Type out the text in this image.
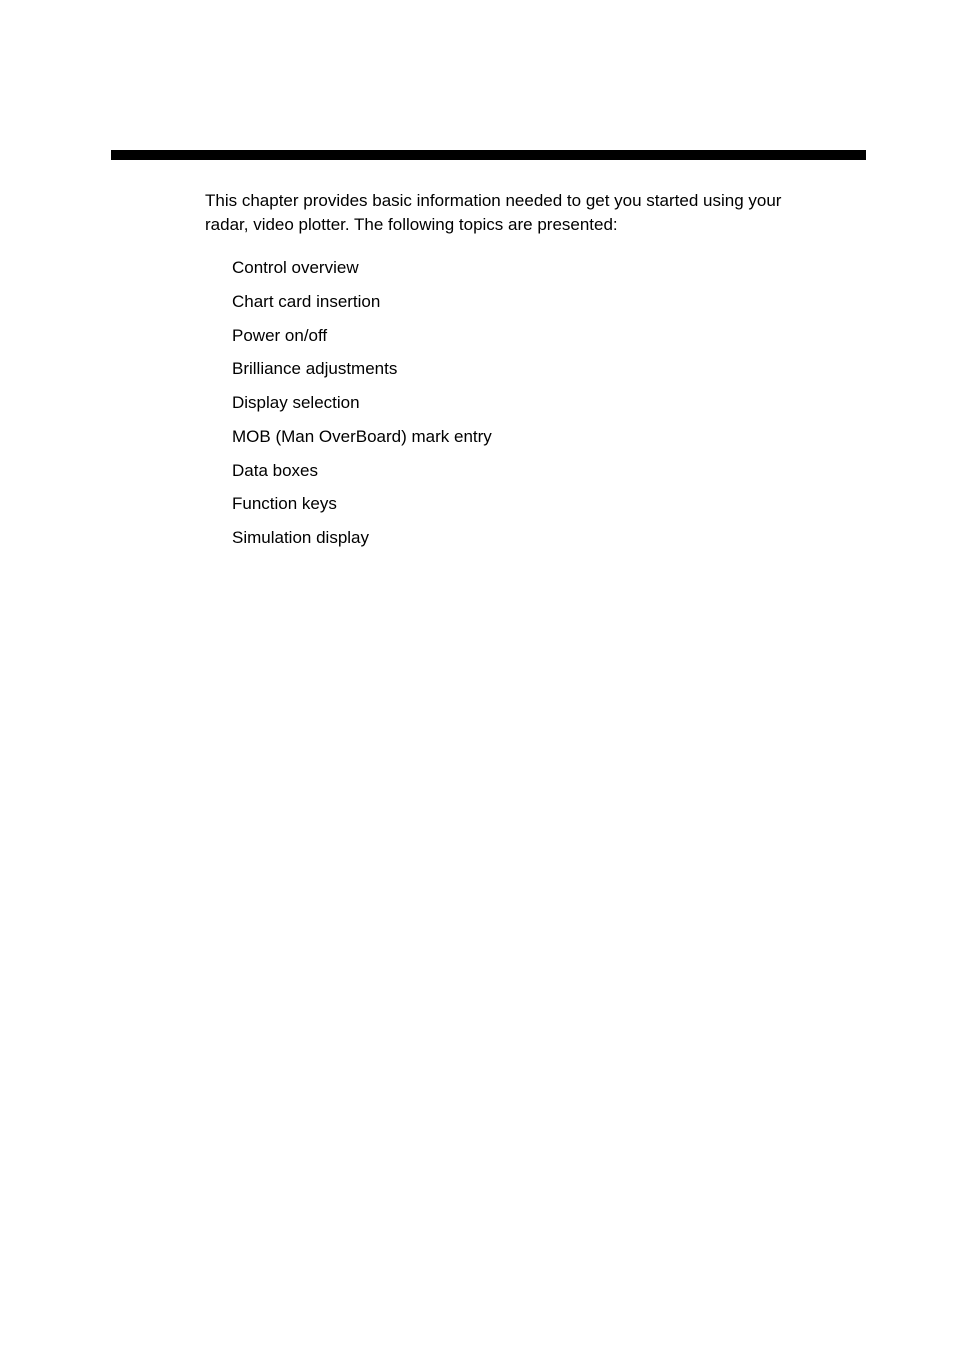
This chapter provides basic information needed to get you started using your
radar, video plotter. The following topics are presented:

Control overview
Chart card insertion
Power on/off
Brilliance adjustments
Display selection
MOB (Man OverBoard) mark entry
Data boxes
Function keys
Simulation display
